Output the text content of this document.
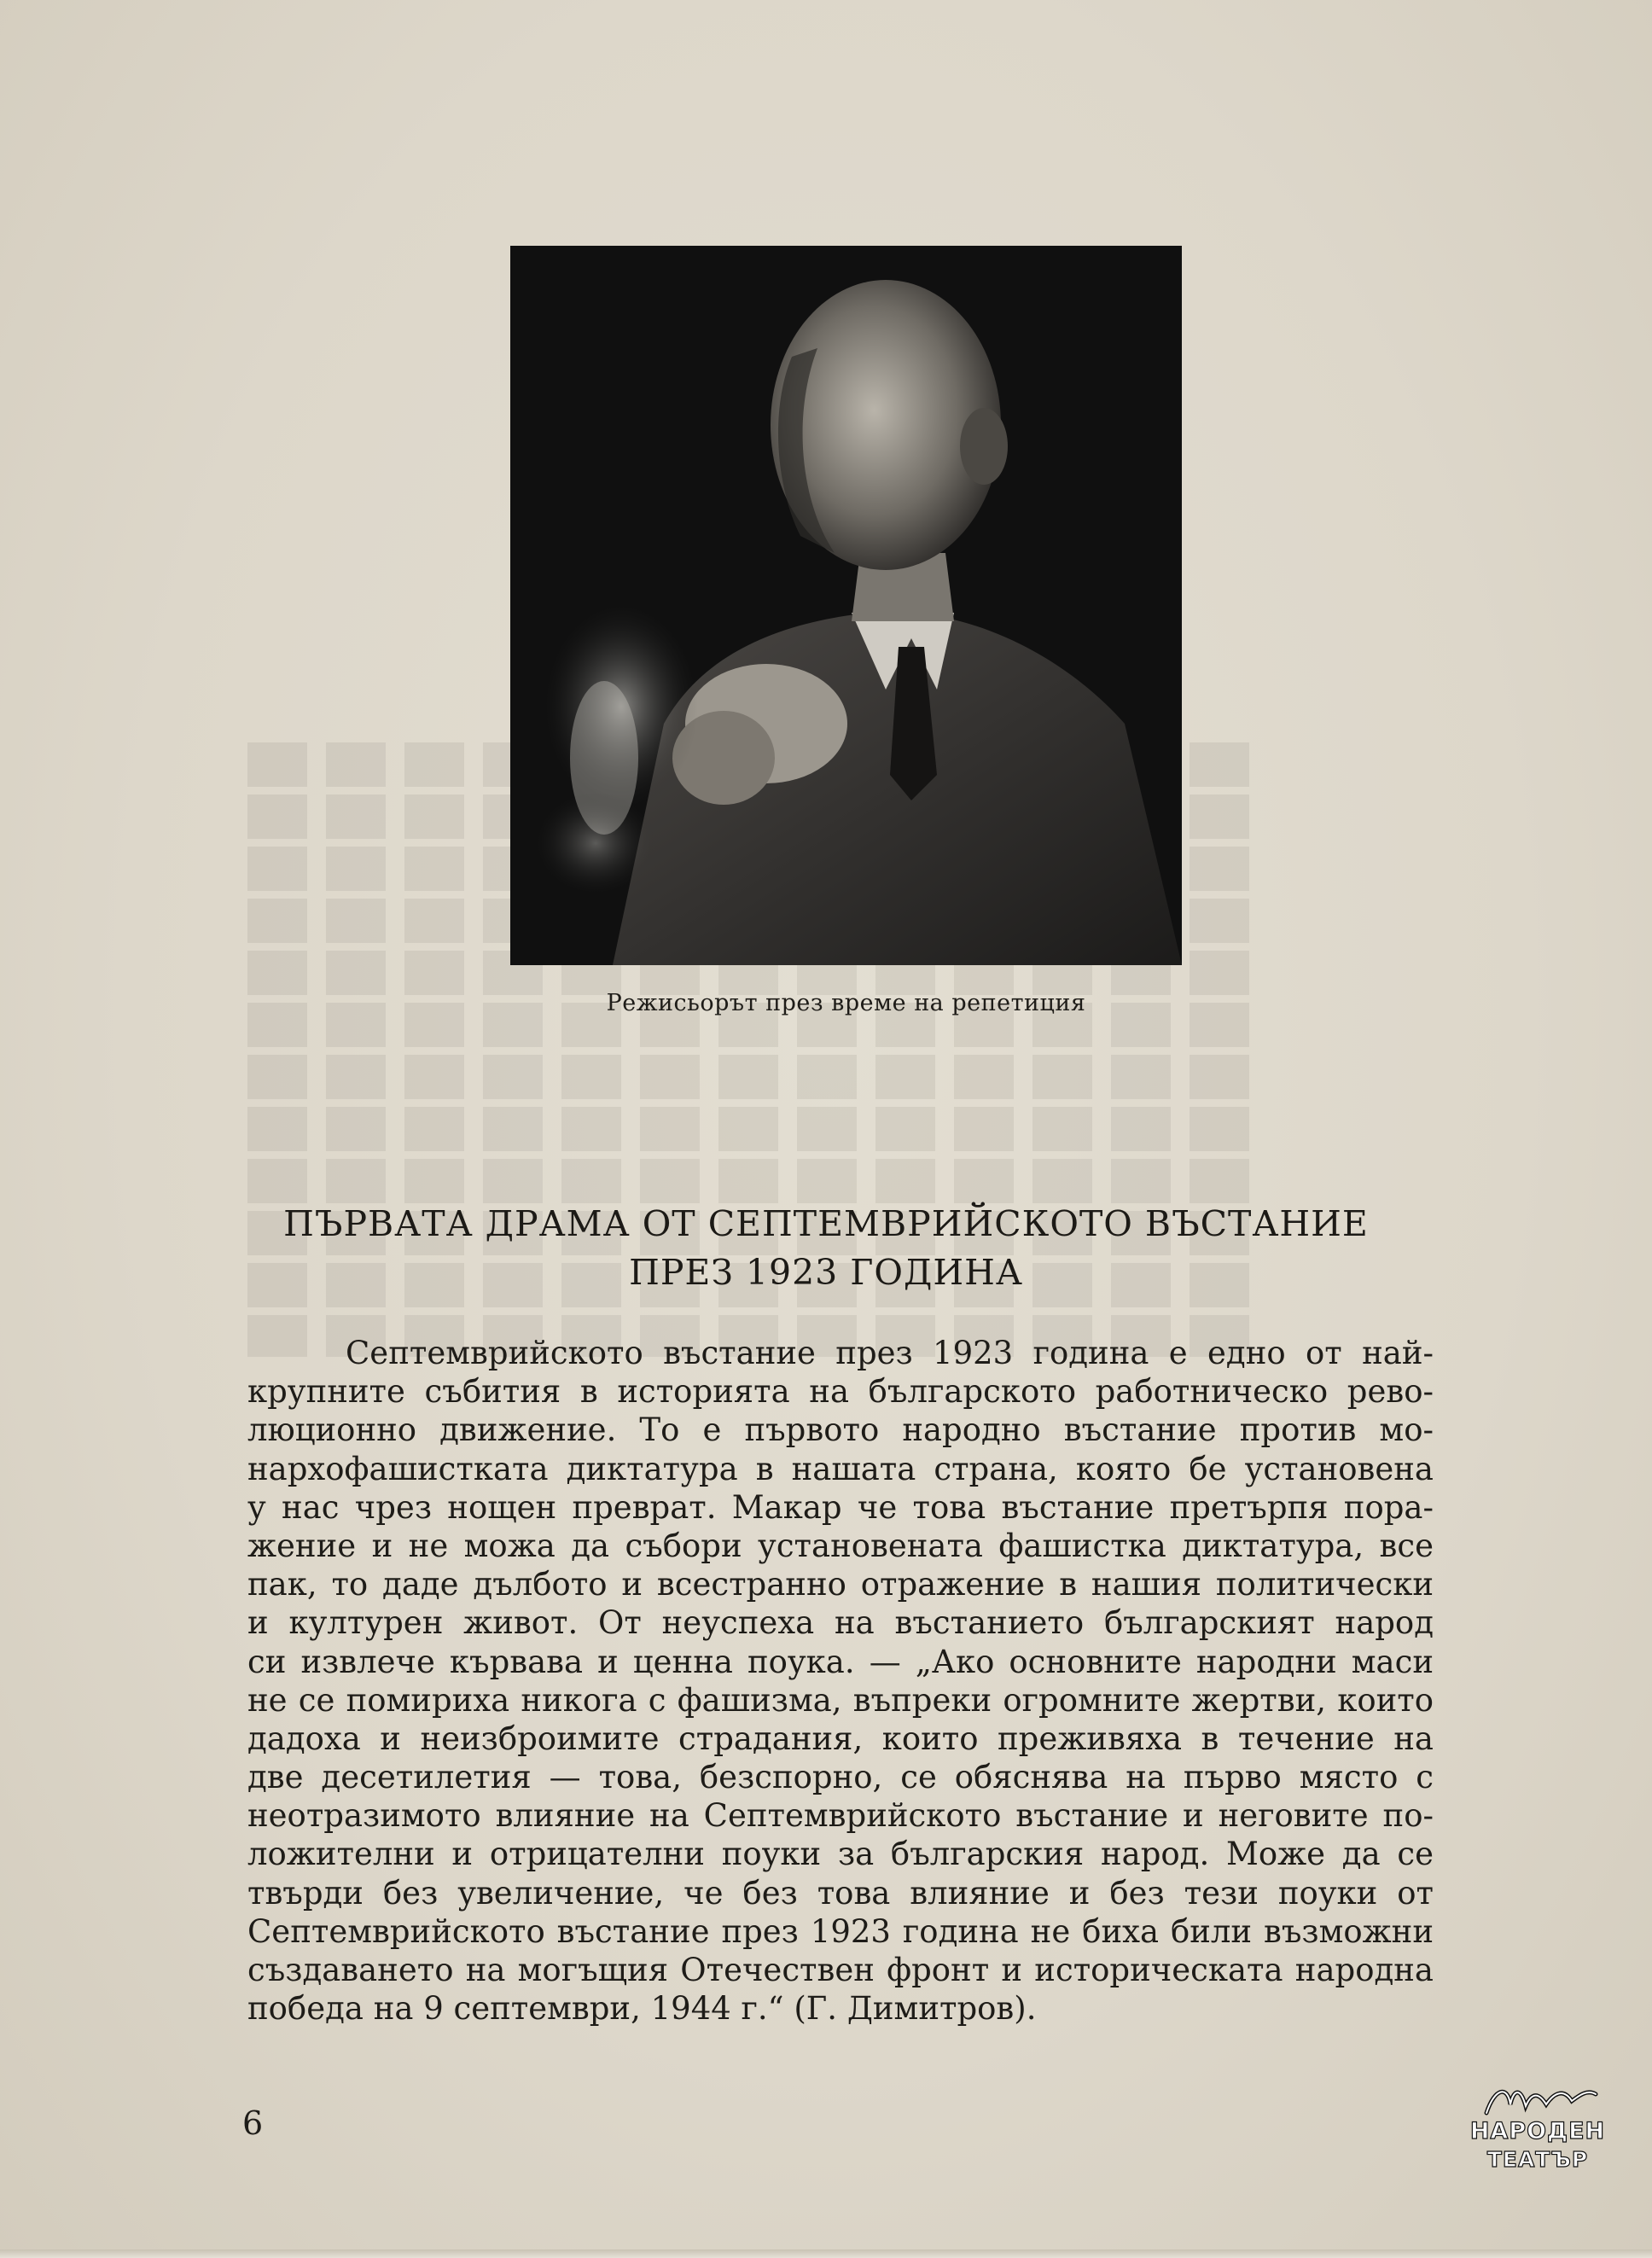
Режисьорът през време на репетиция
ПЪРВАТА ДРАМА ОТ СЕПТЕМВРИЙСКОТО ВЪСТАНИЕ
ПРЕЗ 1923 ГОДИНА
Септемврийското въстание през 1923 година е едно от най-
крупните събития в историята на българското работническо рево-
люционно движение. То е първото народно въстание против мо-
нархофашистката диктатура в нашата страна, която бе установена
у нас чрез нощен преврат. Макар че това въстание претърпя пора-
жение и не можа да събори установената фашистка диктатура, все
пак, то даде дълбото и всестранно отражение в нашия политически
и културен живот. От неуспеха на въстанието българският народ
си извлече кървава и ценна поука. — „Ако основните народни маси
не се помириха никога с фашизма, въпреки огромните жертви, които
дадоха и неизброимите страдания, които преживяха в течение на
две десетилетия — това, безспорно, се обяснява на първо място с
неотразимото влияние на Септемврийското въстание и неговите по-
ложителни и отрицателни поуки за българския народ. Може да се
твърди без увеличение, че без това влияние и без тези поуки от
Септемврийското въстание през 1923 година не биха били възможни
създаването на могъщия Отечествен фронт и историческата народна
победа на 9 септември, 1944 г.“ (Г. Димитров).
6	НАРОДЕН
ТЕАТЪР
